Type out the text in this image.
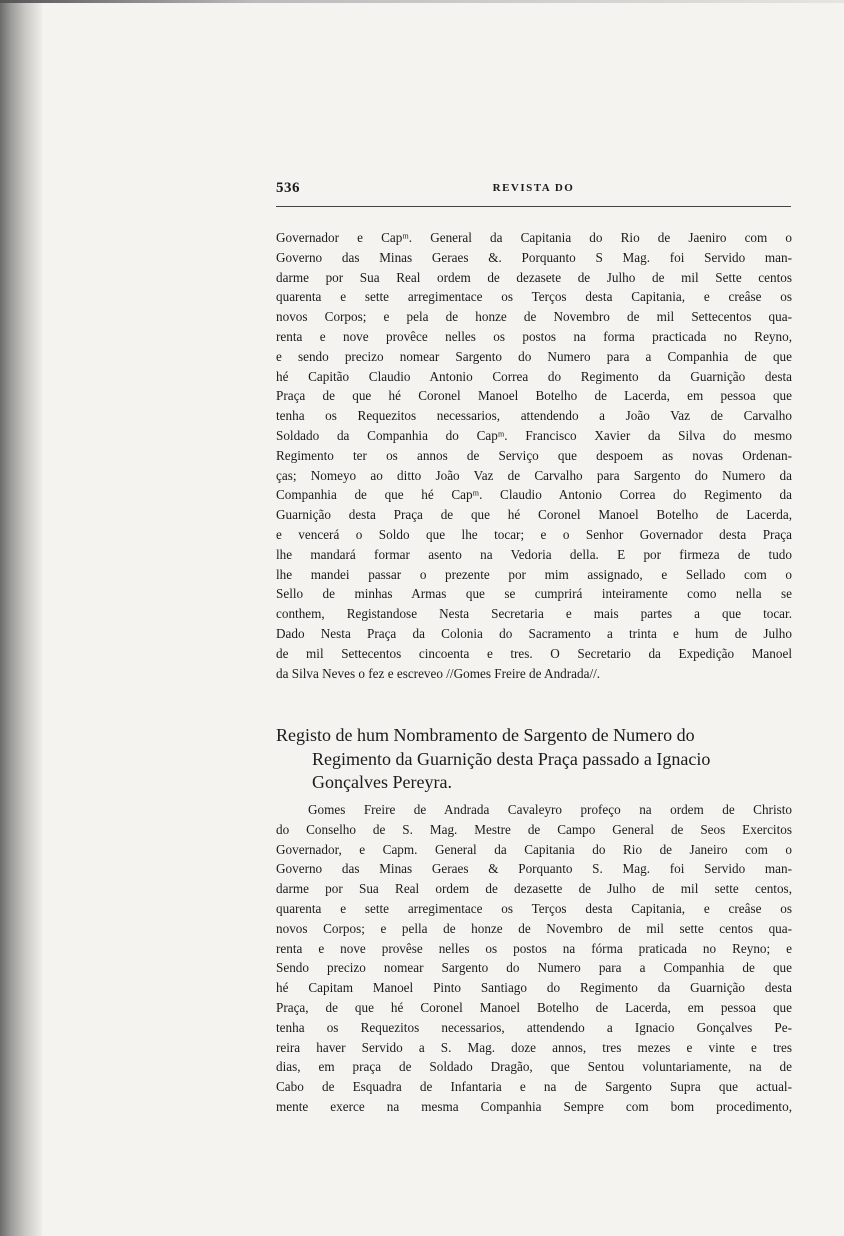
536	REVISTA DO
Governador e Capᵐ. General da Capitania do Rio de Jaeniro com o
Governo das Minas Geraes &. Porquanto S Mag. foi Servido man-
darme por Sua Real ordem de dezasete de Julho de mil Sette centos
quarenta e sette arregimentace os Terços desta Capitania, e creâse os
novos Corpos; e pela de honze de Novembro de mil Settecentos qua-
renta e nove provêce nelles os postos na forma practicada no Reyno,
e sendo precizo nomear Sargento do Numero para a Companhia de que
hé Capitão Claudio Antonio Correa do Regimento da Guarnição desta
Praça de que hé Coronel Manoel Botelho de Lacerda, em pessoa que
tenha os Requezitos necessarios, attendendo a João Vaz de Carvalho
Soldado da Companhia do Capᵐ. Francisco Xavier da Silva do mesmo
Regimento ter os annos de Serviço que despoem as novas Ordenan-
ças; Nomeyo ao ditto João Vaz de Carvalho para Sargento do Numero da
Companhia de que hé Capᵐ. Claudio Antonio Correa do Regimento da
Guarnição desta Praça de que hé Coronel Manoel Botelho de Lacerda,
e vencerá o Soldo que lhe tocar; e o Senhor Governador desta Praça
lhe mandará formar asento na Vedoria della. E por firmeza de tudo
lhe mandei passar o prezente por mim assignado, e Sellado com o
Sello de minhas Armas que se cumprirá inteiramente como nella se
conthem, Registandose Nesta Secretaria e mais partes a que tocar.
Dado Nesta Praça da Colonia do Sacramento a trinta e hum de Julho
de mil Settecentos cincoenta e tres. O Secretario da Expedição Manoel
da Silva Neves o fez e escreveo //Gomes Freire de Andrada//.
Registo de hum Nombramento de Sargento de Numero do
Regimento da Guarnição desta Praça passado a Ignacio
Gonçalves Pereyra.
Gomes Freire de Andrada Cavaleyro profeço na ordem de Christo
do Conselho de S. Mag. Mestre de Campo General de Seos Exercitos
Governador, e Capm. General da Capitania do Rio de Janeiro com o
Governo das Minas Geraes & Porquanto S. Mag. foi Servido man-
darme por Sua Real ordem de dezasette de Julho de mil sette centos,
quarenta e sette arregimentace os Terços desta Capitania, e creâse os
novos Corpos; e pella de honze de Novembro de mil sette centos qua-
renta e nove provêse nelles os postos na fórma praticada no Reyno; e
Sendo precizo nomear Sargento do Numero para a Companhia de que
hé Capitam Manoel Pinto Santiago do Regimento da Guarnição desta
Praça, de que hé Coronel Manoel Botelho de Lacerda, em pessoa que
tenha os Requezitos necessarios, attendendo a Ignacio Gonçalves Pe-
reira haver Servido a S. Mag. doze annos, tres mezes e vinte e tres
dias, em praça de Soldado Dragão, que Sentou voluntariamente, na de
Cabo de Esquadra de Infantaria e na de Sargento Supra que actual-
mente exerce na mesma Companhia Sempre com bom procedimento,
